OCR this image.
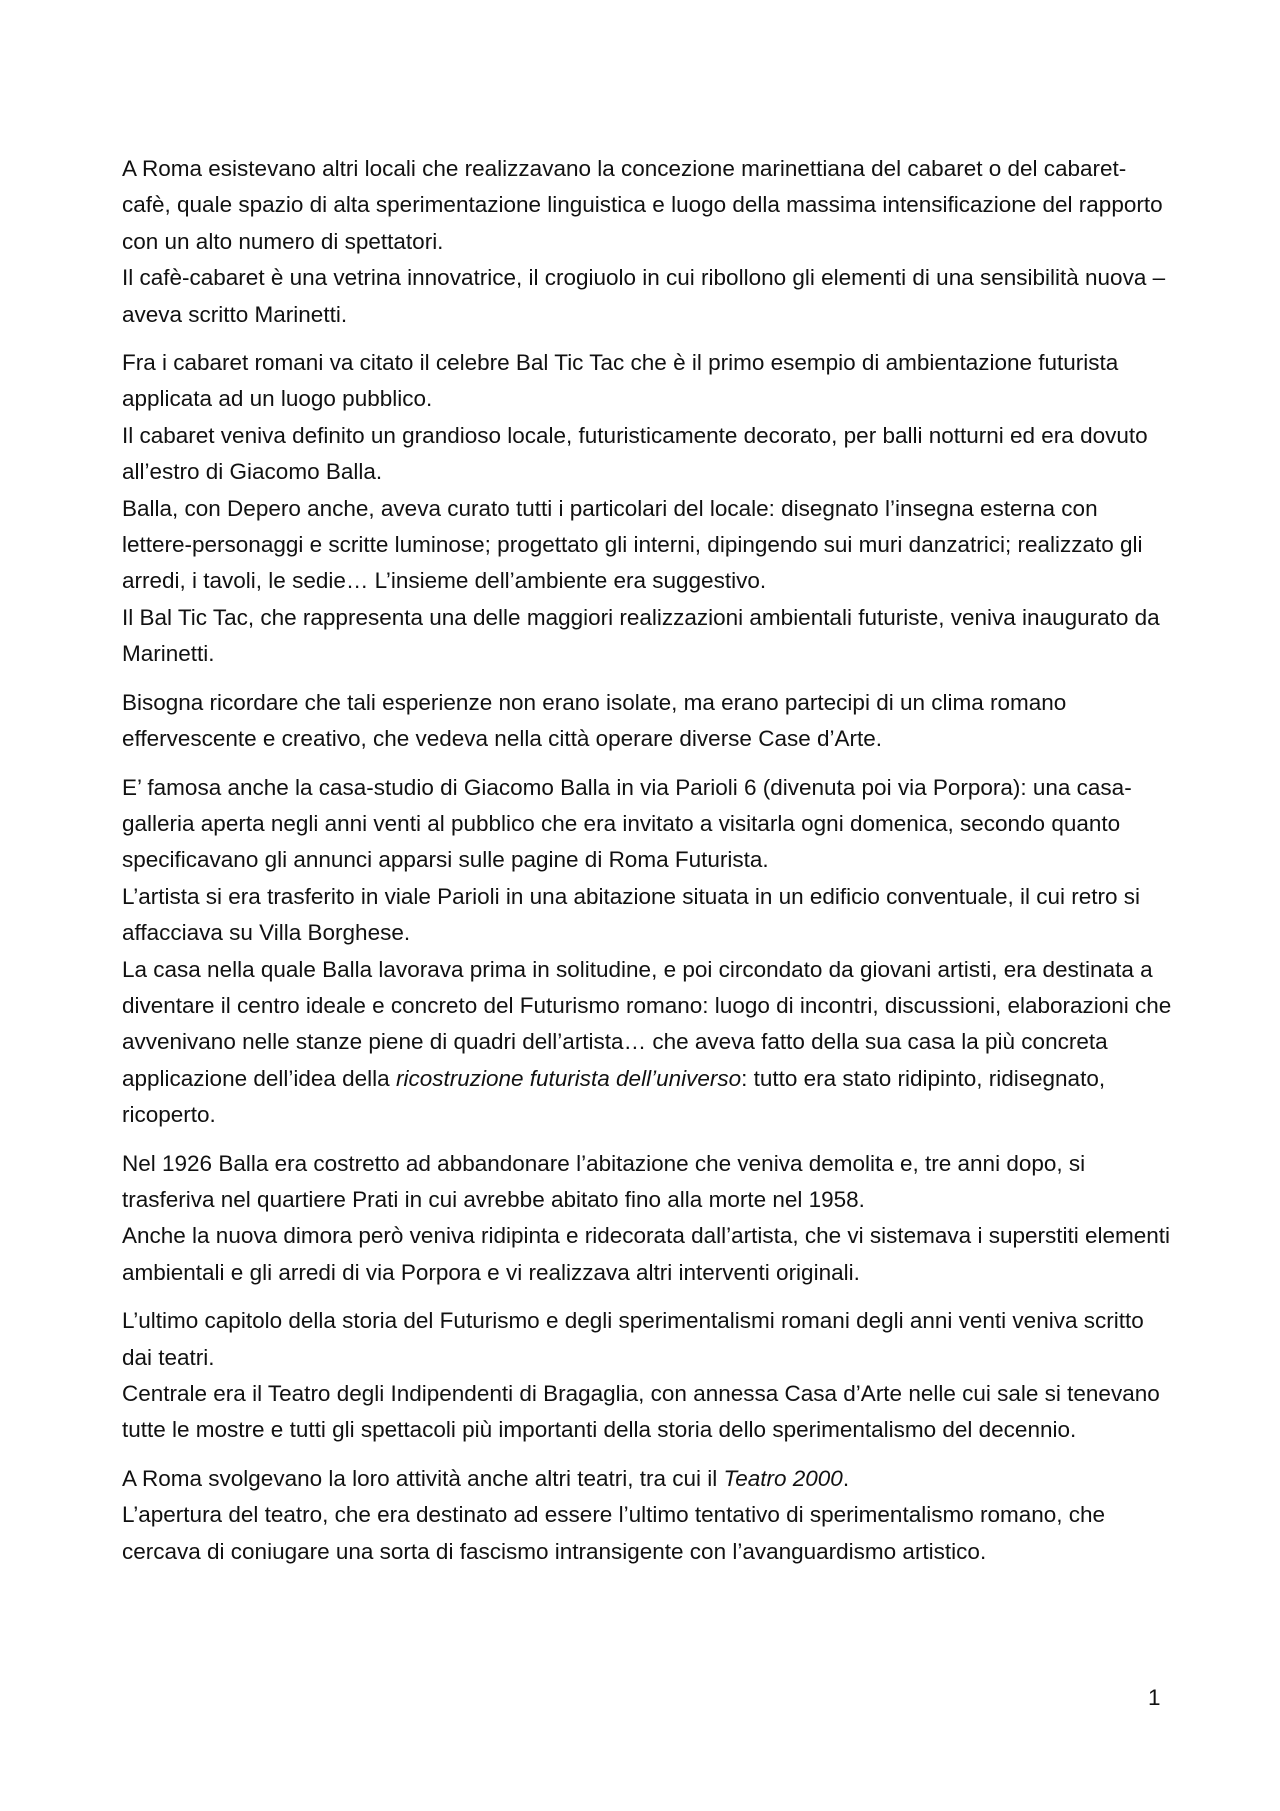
A Roma esistevano altri locali che realizzavano la concezione marinettiana del cabaret o del cabaret-cafè, quale spazio di alta sperimentazione linguistica e luogo della massima intensificazione del rapporto con un alto numero di spettatori.
Il cafè-cabaret è una vetrina innovatrice, il crogiuolo in cui ribollono gli elementi di una sensibilità nuova – aveva scritto Marinetti.
Fra i cabaret romani va citato il celebre Bal Tic Tac che è il primo esempio di ambientazione futurista applicata ad un luogo pubblico.
Il cabaret veniva definito un grandioso locale, futuristicamente decorato, per balli notturni ed era dovuto all’estro di Giacomo Balla.
Balla, con Depero anche, aveva curato tutti i particolari del locale: disegnato l’insegna esterna con lettere-personaggi e scritte luminose; progettato gli interni, dipingendo sui muri danzatrici; realizzato gli arredi, i tavoli, le sedie… L’insieme dell’ambiente era suggestivo.
Il Bal Tic Tac, che rappresenta una delle maggiori realizzazioni ambientali futuriste, veniva inaugurato da Marinetti.
Bisogna ricordare che tali esperienze non erano isolate, ma erano partecipi di un clima romano effervescente e creativo, che vedeva nella città operare diverse Case d’Arte.
E’ famosa anche la casa-studio di Giacomo Balla in via Parioli 6 (divenuta poi via Porpora): una casa-galleria aperta negli anni venti al pubblico che era invitato a visitarla ogni domenica, secondo quanto specificavano gli annunci apparsi sulle pagine di Roma Futurista.
L’artista si era trasferito in viale Parioli in una abitazione situata in un edificio conventuale, il cui retro si affacciava su Villa Borghese.
La casa nella quale Balla lavorava prima in solitudine, e poi circondato da giovani artisti, era destinata a diventare il centro ideale e concreto del Futurismo romano: luogo di incontri, discussioni, elaborazioni che avvenivano nelle stanze piene di quadri dell’artista… che aveva fatto della sua casa la più concreta applicazione dell’idea della ricostruzione futurista dell’universo: tutto era stato ridipinto, ridisegnato, ricoperto.
Nel 1926 Balla era costretto ad abbandonare l’abitazione che veniva demolita e, tre anni dopo, si trasferiva nel quartiere Prati in cui avrebbe abitato fino alla morte nel 1958.
Anche la nuova dimora però veniva ridipinta e ridecorata dall’artista, che vi sistemava i superstiti elementi ambientali e gli arredi di via Porpora e vi realizzava altri interventi originali.
L’ultimo capitolo della storia del Futurismo e degli sperimentalismi romani degli anni venti veniva scritto dai teatri.
Centrale era il Teatro degli Indipendenti di Bragaglia, con annessa Casa d’Arte nelle cui sale si tenevano tutte le mostre e tutti gli spettacoli più importanti della storia dello sperimentalismo del decennio.
A Roma svolgevano la loro attività anche altri teatri, tra cui il Teatro 2000.
L’apertura del teatro, che era destinato ad essere l’ultimo tentativo di sperimentalismo romano, che cercava di coniugare una sorta di fascismo intransigente con l’avanguardismo artistico.
1
